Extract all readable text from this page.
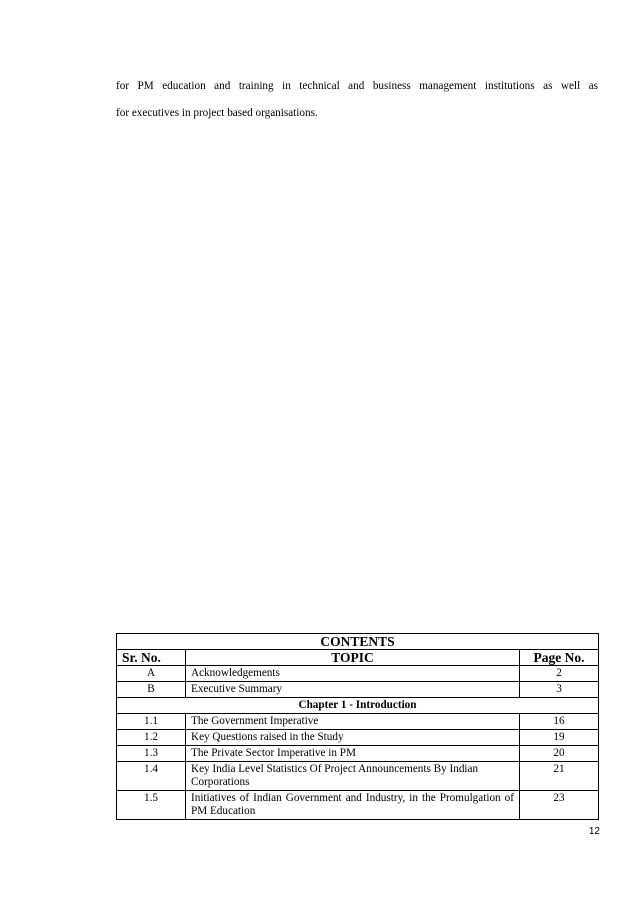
for PM education and training in technical and business management institutions as well as

for executives in project based organisations.

CONTENTS		
Sr. No.	TOPIC	Page No.
A	Acknowledgements	2
B	Executive Summary	3
Chapter 1 - Introduction		
1.1	The Government Imperative	16
1.2	Key Questions raised in the Study	19
1.3	The Private Sector Imperative in PM	20
1.4	Key India Level Statistics Of Project Announcements By Indian Corporations	21
1.5	Initiatives of Indian Government and Industry, in the Promulgation of PM Education	23
12
